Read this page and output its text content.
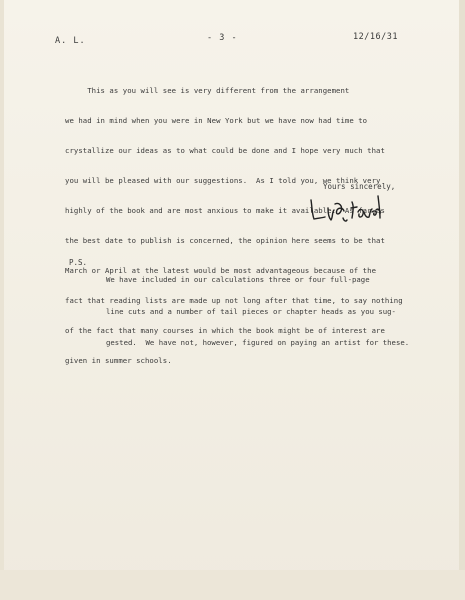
A. L.	- 3 -	12/16/31

This as you will see is very different from the arrangement

we had in mind when you were in New York but we have now had time to

crystallize our ideas as to what could be done and I hope very much that

you will be pleased with our suggestions.  As I told you, we think very

highly of the book and are most anxious to make it available.  As far as

the best date to publish is concerned, the opinion here seems to be that

March or April at the latest would be most advantageous because of the

fact that reading lists are made up not long after that time, to say nothing

of the fact that many courses in which the book might be of interest are

given in summer schools.

Yours sincerely,
P.S.

We have included in our calculations three or four full-page

line cuts and a number of tail pieces or chapter heads as you sug-

gested.  We have not, however, figured on paying an artist for these.
